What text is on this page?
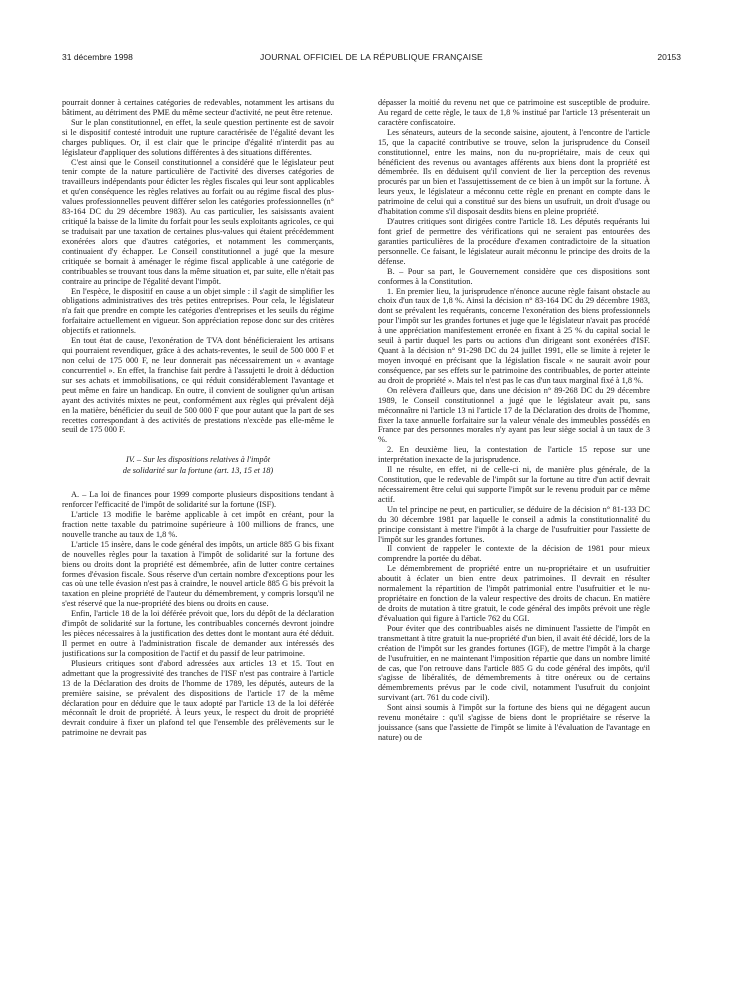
31 décembre 1998	JOURNAL OFFICIEL DE LA RÉPUBLIQUE FRANÇAISE	20153

pourrait donner à certaines catégories de redevables, notamment les artisans du bâtiment, au détriment des PME du même secteur d'activité, ne peut être retenue.

Sur le plan constitutionnel, en effet, la seule question pertinente est de savoir si le dispositif contesté introduit une rupture caractérisée de l'égalité devant les charges publiques. Or, il est clair que le principe d'égalité n'interdit pas au législateur d'appliquer des solutions différentes à des situations différentes.

C'est ainsi que le Conseil constitutionnel a considéré que le législateur peut tenir compte de la nature particulière de l'activité des diverses catégories de travailleurs indépendants pour édicter les règles fiscales qui leur sont applicables et qu'en conséquence les règles relatives au forfait ou au régime fiscal des plus-values professionnelles peuvent différer selon les catégories professionnelles (n° 83-164 DC du 29 décembre 1983). Au cas particulier, les saisissants avaient critiqué la baisse de la limite du forfait pour les seuls exploitants agricoles, ce qui se traduisait par une taxation de certaines plus-values qui étaient précédemment exonérées alors que d'autres catégories, et notamment les commerçants, continuaient d'y échapper. Le Conseil constitutionnel a jugé que la mesure critiquée se bornait à aménager le régime fiscal applicable à une catégorie de contribuables se trouvant tous dans la même situation et, par suite, elle n'était pas contraire au principe de l'égalité devant l'impôt.

En l'espèce, le dispositif en cause a un objet simple : il s'agit de simplifier les obligations administratives des très petites entreprises. Pour cela, le législateur n'a fait que prendre en compte les catégories d'entreprises et les seuils du régime forfaitaire actuellement en vigueur. Son appréciation repose donc sur des critères objectifs et rationnels.

En tout état de cause, l'exonération de TVA dont bénéficieraient les artisans qui pourraient revendiquer, grâce à des achats-reventes, le seuil de 500 000 F et non celui de 175 000 F, ne leur donnerait pas nécessairement un « avantage concurrentiel ». En effet, la franchise fait perdre à l'assujetti le droit à déduction sur ses achats et immobilisations, ce qui réduit considérablement l'avantage et peut même en faire un handicap. En outre, il convient de souligner qu'un artisan ayant des activités mixtes ne peut, conformément aux règles qui prévalent déjà en la matière, bénéficier du seuil de 500 000 F que pour autant que la part de ses recettes correspondant à des activités de prestations n'excède pas elle-même le seuil de 175 000 F.

IV. – Sur les dispositions relatives à l'impôt
de solidarité sur la fortune (art. 13, 15 et 18)

A. – La loi de finances pour 1999 comporte plusieurs dispositions tendant à renforcer l'efficacité de l'impôt de solidarité sur la fortune (ISF).

L'article 13 modifie le barème applicable à cet impôt en créant, pour la fraction nette taxable du patrimoine supérieure à 100 millions de francs, une nouvelle tranche au taux de 1,8 %.

L'article 15 insère, dans le code général des impôts, un article 885 G bis fixant de nouvelles règles pour la taxation à l'impôt de solidarité sur la fortune des biens ou droits dont la propriété est démembrée, afin de lutter contre certaines formes d'évasion fiscale. Sous réserve d'un certain nombre d'exceptions pour les cas où une telle évasion n'est pas à craindre, le nouvel article 885 G bis prévoit la taxation en pleine propriété de l'auteur du démembrement, y compris lorsqu'il ne s'est réservé que la nue-propriété des biens ou droits en cause.

Enfin, l'article 18 de la loi déférée prévoit que, lors du dépôt de la déclaration d'impôt de solidarité sur la fortune, les contribuables concernés devront joindre les pièces nécessaires à la justification des dettes dont le montant aura été déduit. Il permet en outre à l'administration fiscale de demander aux intéressés des justifications sur la composition de l'actif et du passif de leur patrimoine.

Plusieurs critiques sont d'abord adressées aux articles 13 et 15. Tout en admettant que la progressivité des tranches de l'ISF n'est pas contraire à l'article 13 de la Déclaration des droits de l'homme de 1789, les députés, auteurs de la première saisine, se prévalent des dispositions de l'article 17 de la même déclaration pour en déduire que le taux adopté par l'article 13 de la loi déférée méconnaît le droit de propriété. À leurs yeux, le respect du droit de propriété devrait conduire à fixer un plafond tel que l'ensemble des prélèvements sur le patrimoine ne devrait pas

dépasser la moitié du revenu net que ce patrimoine est susceptible de produire. Au regard de cette règle, le taux de 1,8 % institué par l'article 13 présenterait un caractère confiscatoire.

Les sénateurs, auteurs de la seconde saisine, ajoutent, à l'encontre de l'article 15, que la capacité contributive se trouve, selon la jurisprudence du Conseil constitutionnel, entre les mains, non du nu-propriétaire, mais de ceux qui bénéficient des revenus ou avantages afférents aux biens dont la propriété est démembrée. Ils en déduisent qu'il convient de lier la perception des revenus procurés par un bien et l'assujettissement de ce bien à un impôt sur la fortune. À leurs yeux, le législateur a méconnu cette règle en prenant en compte dans le patrimoine de celui qui a constitué sur des biens un usufruit, un droit d'usage ou d'habitation comme s'il disposait desdits biens en pleine propriété.

D'autres critiques sont dirigées contre l'article 18. Les députés requérants lui font grief de permettre des vérifications qui ne seraient pas entourées des garanties particulières de la procédure d'examen contradictoire de la situation personnelle. Ce faisant, le législateur aurait méconnu le principe des droits de la défense.

B. – Pour sa part, le Gouvernement considère que ces dispositions sont conformes à la Constitution.

1. En premier lieu, la jurisprudence n'énonce aucune règle faisant obstacle au choix d'un taux de 1,8 %. Ainsi la décision n° 83-164 DC du 29 décembre 1983, dont se prévalent les requérants, concerne l'exonération des biens professionnels pour l'impôt sur les grandes fortunes et juge que le législateur n'avait pas procédé à une appréciation manifestement erronée en fixant à 25 % du capital social le seuil à partir duquel les parts ou actions d'un dirigeant sont exonérées d'ISF. Quant à la décision n° 91-298 DC du 24 juillet 1991, elle se limite à rejeter le moyen invoqué en précisant que la législation fiscale « ne saurait avoir pour conséquence, par ses effets sur le patrimoine des contribuables, de porter atteinte au droit de propriété ». Mais tel n'est pas le cas d'un taux marginal fixé à 1,8 %.

On relèvera d'ailleurs que, dans une décision n° 89-268 DC du 29 décembre 1989, le Conseil constitutionnel a jugé que le législateur avait pu, sans méconnaître ni l'article 13 ni l'article 17 de la Déclaration des droits de l'homme, fixer la taxe annuelle forfaitaire sur la valeur vénale des immeubles possédés en France par des personnes morales n'y ayant pas leur siège social à un taux de 3 %.

2. En deuxième lieu, la contestation de l'article 15 repose sur une interprétation inexacte de la jurisprudence.

Il ne résulte, en effet, ni de celle-ci ni, de manière plus générale, de la Constitution, que le redevable de l'impôt sur la fortune au titre d'un actif devrait nécessairement être celui qui supporte l'impôt sur le revenu produit par ce même actif.

Un tel principe ne peut, en particulier, se déduire de la décision n° 81-133 DC du 30 décembre 1981 par laquelle le conseil a admis la constitutionnalité du principe consistant à mettre l'impôt à la charge de l'usufruitier pour l'assiette de l'impôt sur les grandes fortunes.

Il convient de rappeler le contexte de la décision de 1981 pour mieux comprendre la portée du débat.

Le démembrement de propriété entre un nu-propriétaire et un usufruitier aboutit à éclater un bien entre deux patrimoines. Il devrait en résulter normalement la répartition de l'impôt patrimonial entre l'usufruitier et le nu-propriétaire en fonction de la valeur respective des droits de chacun. En matière de droits de mutation à titre gratuit, le code général des impôts prévoit une règle d'évaluation qui figure à l'article 762 du CGI.

Pour éviter que des contribuables aisés ne diminuent l'assiette de l'impôt en transmettant à titre gratuit la nue-propriété d'un bien, il avait été décidé, lors de la création de l'impôt sur les grandes fortunes (IGF), de mettre l'impôt à la charge de l'usufruitier, en ne maintenant l'imposition répartie que dans un nombre limité de cas, que l'on retrouve dans l'article 885 G du code général des impôts, qu'il s'agisse de libéralités, de démembrements à titre onéreux ou de certains démembrements prévus par le code civil, notamment l'usufruit du conjoint survivant (art. 761 du code civil).

Sont ainsi soumis à l'impôt sur la fortune des biens qui ne dégagent aucun revenu monétaire : qu'il s'agisse de biens dont le propriétaire se réserve la jouissance (sans que l'assiette de l'impôt se limite à l'évaluation de l'avantage en nature) ou de
